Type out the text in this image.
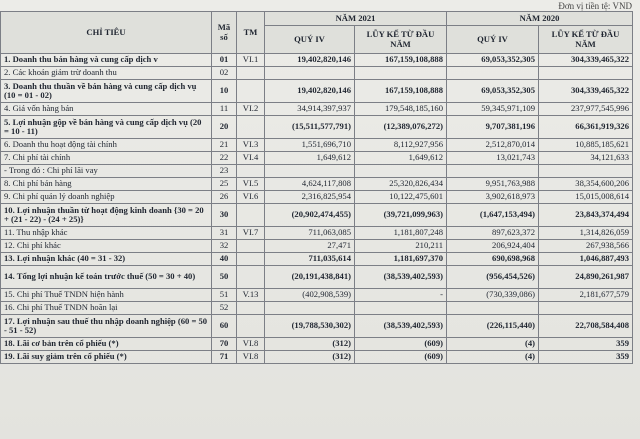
Đơn vị tiền tệ: VND
CHỈ TIÊU	Mã số	TM	NĂM 2021		NĂM 2020	
			QUÝ IV	LŨY KẾ TỪ ĐẦU NĂM	QUÝ IV	LŨY KẾ TỪ ĐẦU NĂM
1. Doanh thu bán hàng và cung cấp dịch v	01	VI.1	19,402,820,146	167,159,108,888	69,053,352,305	304,339,465,322
2. Các khoản giảm trừ doanh thu	02					
3. Doanh thu thuần về bán hàng và cung cấp dịch vụ (10 = 01 - 02)	10		19,402,820,146	167,159,108,888	69,053,352,305	304,339,465,322
4. Giá vốn hàng bán	11	VI.2	34,914,397,937	179,548,185,160	59,345,971,109	237,977,545,996
5. Lợi nhuận gộp về bán hàng và cung cấp dịch vụ (20 = 10 - 11)	20		(15,511,577,791)	(12,389,076,272)	9,707,381,196	66,361,919,326
6. Doanh thu hoạt động tài chính	21	VI.3	1,551,696,710	8,112,927,956	2,512,870,014	10,885,185,621
7. Chi phí tài chính	22	VI.4	1,649,612	1,649,612	13,021,743	34,121,633
- Trong đó : Chi phí lãi vay	23					
8. Chi phí bán hàng	25	VI.5	4,624,117,808	25,320,826,434	9,951,763,988	38,354,600,206
9. Chi phí quản lý doanh nghiệp	26	VI.6	2,316,825,954	10,122,475,601	3,902,618,973	15,015,008,614
10. Lợi nhuận thuần từ hoạt động kinh doanh {30 = 20 + (21 - 22) - (24 + 25)}	30		(20,902,474,455)	(39,721,099,963)	(1,647,153,494)	23,843,374,494
11. Thu nhập khác	31	VI.7	711,063,085	1,181,807,248	897,623,372	1,314,826,059
12. Chi phí khác	32		27,471	210,211	206,924,404	267,938,566
13. Lợi nhuận khác (40 = 31 - 32)	40		711,035,614	1,181,697,370	690,698,968	1,046,887,493
14. Tổng lợi nhuận kế toán trước thuế (50 = 30 + 40)	50		(20,191,438,841)	(38,539,402,593)	(956,454,526)	24,890,261,987
15. Chi phí Thuế TNDN hiện hành	51	V.13	(402,908,539)	-	(730,339,086)	2,181,677,579
16. Chi phí Thuế TNDN hoãn lại	52					
17. Lợi nhuận sau thuế thu nhập doanh nghiệp (60 = 50 - 51 - 52)	60		(19,788,530,302)	(38,539,402,593)	(226,115,440)	22,708,584,408
18. Lãi cơ bản trên cổ phiếu (*)	70	VI.8	(312)	(609)	(4)	359
19. Lãi suy giảm trên cổ phiếu (*)	71	VI.8	(312)	(609)	(4)	359
